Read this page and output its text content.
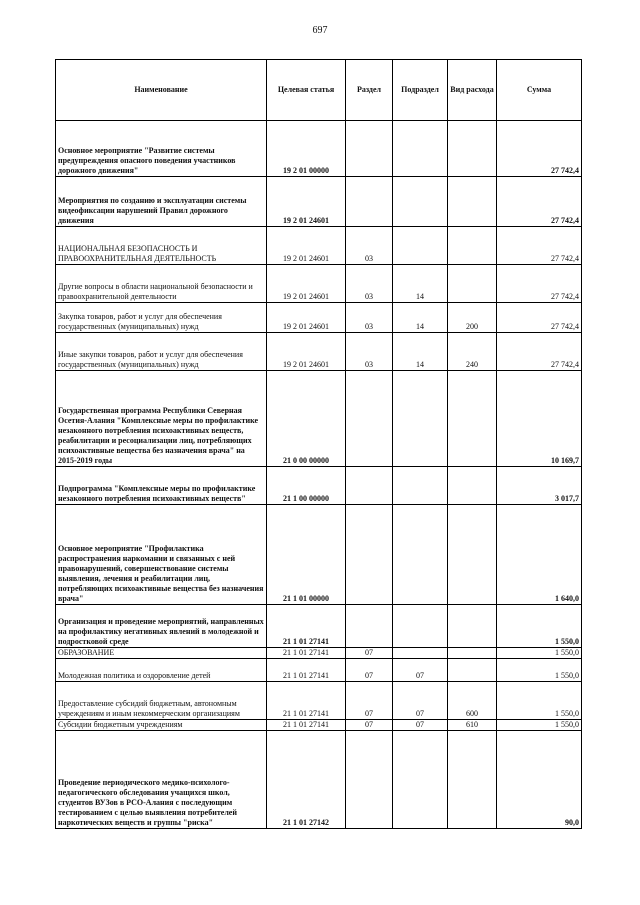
697
Наименование	Целевая статья	Раздел	Подраздел	Вид расхода	Сумма
Основное мероприятие "Развитие системы предупреждения опасного поведения участников дорожного движения"	19 2 01 00000				27 742,4
Мероприятия по созданию и эксплуатации системы видеофиксации нарушений Правил дорожного движения	19 2 01 24601				27 742,4
НАЦИОНАЛЬНАЯ БЕЗОПАСНОСТЬ И ПРАВООХРАНИТЕЛЬНАЯ ДЕЯТЕЛЬНОСТЬ	19 2 01 24601	03			27 742,4
Другие вопросы в области национальной безопасности и правоохранительной деятельности	19 2 01 24601	03	14		27 742,4
Закупка товаров, работ и услуг для обеспечения государственных (муниципальных) нужд	19 2 01 24601	03	14	200	27 742,4
Иные закупки товаров, работ и услуг для обеспечения государственных (муниципальных) нужд	19 2 01 24601	03	14	240	27 742,4
Государственная программа Республики Северная Осетия-Алания "Комплексные меры по профилактике незаконного потребления психоактивных веществ, реабилитации и ресоциализации лиц, потребляющих психоактивные вещества без назначения врача" на 2015-2019 годы	21 0 00 00000				10 169,7
Подпрограмма "Комплексные меры по профилактике незаконного потребления психоактивных веществ"	21 1 00 00000				3 017,7
Основное мероприятие "Профилактика распространения наркомании и связанных с ней правонарушений, совершенствование системы выявления, лечения и реабилитации лиц, потребляющих психоактивные вещества без назначения врача"	21 1 01 00000				1 640,0
Организация и проведение мероприятий, направленных на профилактику негативных явлений в молодежной и подростковой среде	21 1 01 27141				1 550,0
ОБРАЗОВАНИЕ	21 1 01 27141	07			1 550,0
Молодежная политика и оздоровление детей	21 1 01 27141	07	07		1 550,0
Предоставление субсидий бюджетным, автономным учреждениям и иным некоммерческим организациям	21 1 01 27141	07	07	600	1 550,0
Субсидии бюджетным учреждениям	21 1 01 27141	07	07	610	1 550,0
Проведение периодического медико-психолого-педагогического обследования учащихся школ, студентов ВУЗов в РСО-Алания с последующим тестированием с целью выявления потребителей наркотических веществ и группы "риска"	21 1 01 27142				90,0
